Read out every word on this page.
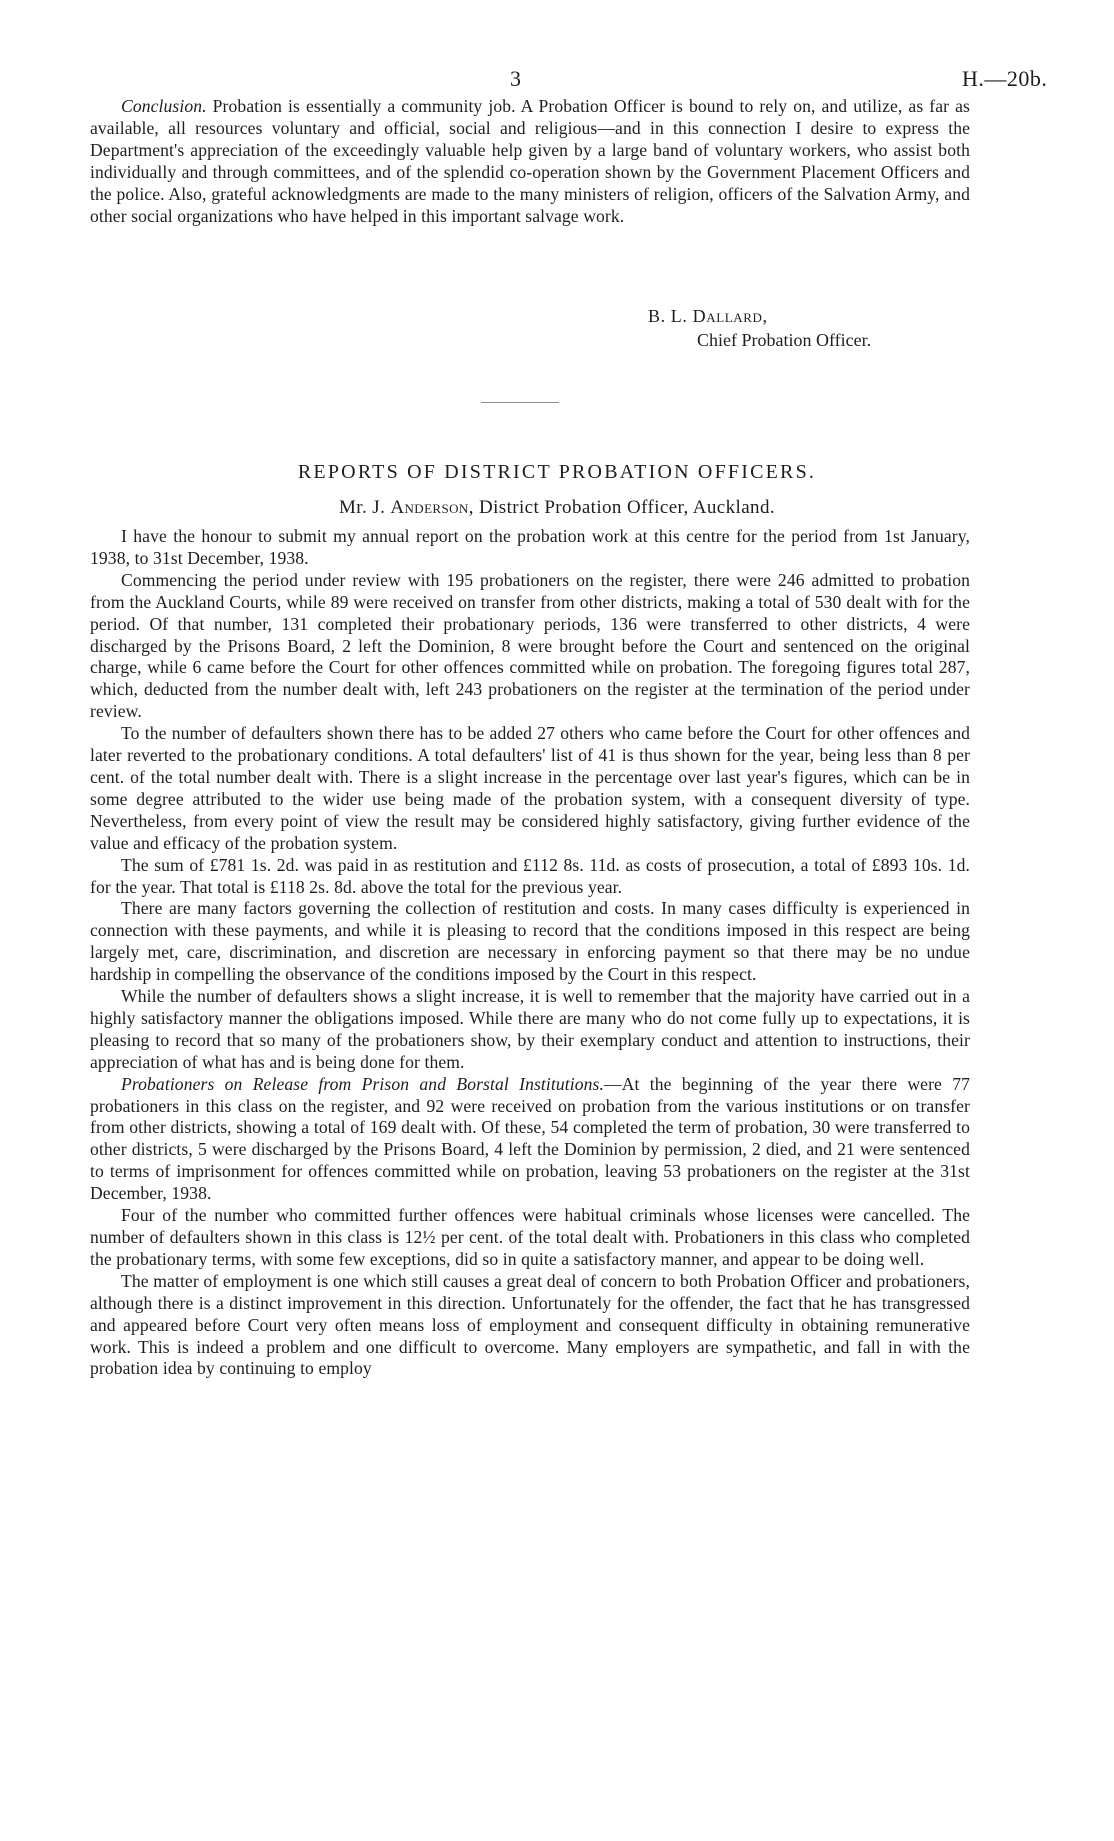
3	H.—20b.

Conclusion. Probation is essentially a community job. A Probation Officer is bound to rely on, and utilize, as far as available, all resources voluntary and official, social and religious—and in this connection I desire to express the Department's appreciation of the exceedingly valuable help given by a large band of voluntary workers, who assist both individually and through committees, and of the splendid co-operation shown by the Government Placement Officers and the police. Also, grateful acknowledgments are made to the many ministers of religion, officers of the Salvation Army, and other social organizations who have helped in this important salvage work.

B. L. Dallard,
Chief Probation Officer.
REPORTS OF DISTRICT PROBATION OFFICERS.
Mr. J. Anderson, District Probation Officer, Auckland.

I have the honour to submit my annual report on the probation work at this centre for the period from 1st January, 1938, to 31st December, 1938.

Commencing the period under review with 195 probationers on the register, there were 246 admitted to probation from the Auckland Courts, while 89 were received on transfer from other districts, making a total of 530 dealt with for the period. Of that number, 131 completed their probationary periods, 136 were transferred to other districts, 4 were discharged by the Prisons Board, 2 left the Dominion, 8 were brought before the Court and sentenced on the original charge, while 6 came before the Court for other offences committed while on probation. The foregoing figures total 287, which, deducted from the number dealt with, left 243 probationers on the register at the termination of the period under review.

To the number of defaulters shown there has to be added 27 others who came before the Court for other offences and later reverted to the probationary conditions. A total defaulters' list of 41 is thus shown for the year, being less than 8 per cent. of the total number dealt with. There is a slight increase in the percentage over last year's figures, which can be in some degree attributed to the wider use being made of the probation system, with a consequent diversity of type. Nevertheless, from every point of view the result may be considered highly satisfactory, giving further evidence of the value and efficacy of the probation system.

The sum of £781 1s. 2d. was paid in as restitution and £112 8s. 11d. as costs of prosecution, a total of £893 10s. 1d. for the year. That total is £118 2s. 8d. above the total for the previous year.

There are many factors governing the collection of restitution and costs. In many cases difficulty is experienced in connection with these payments, and while it is pleasing to record that the conditions imposed in this respect are being largely met, care, discrimination, and discretion are necessary in enforcing payment so that there may be no undue hardship in compelling the observance of the conditions imposed by the Court in this respect.

While the number of defaulters shows a slight increase, it is well to remember that the majority have carried out in a highly satisfactory manner the obligations imposed. While there are many who do not come fully up to expectations, it is pleasing to record that so many of the probationers show, by their exemplary conduct and attention to instructions, their appreciation of what has and is being done for them.

Probationers on Release from Prison and Borstal Institutions.—At the beginning of the year there were 77 probationers in this class on the register, and 92 were received on probation from the various institutions or on transfer from other districts, showing a total of 169 dealt with. Of these, 54 completed the term of probation, 30 were transferred to other districts, 5 were discharged by the Prisons Board, 4 left the Dominion by permission, 2 died, and 21 were sentenced to terms of imprisonment for offences committed while on probation, leaving 53 probationers on the register at the 31st December, 1938.

Four of the number who committed further offences were habitual criminals whose licenses were cancelled. The number of defaulters shown in this class is 12½ per cent. of the total dealt with. Probationers in this class who completed the probationary terms, with some few exceptions, did so in quite a satisfactory manner, and appear to be doing well.

The matter of employment is one which still causes a great deal of concern to both Probation Officer and probationers, although there is a distinct improvement in this direction. Unfortunately for the offender, the fact that he has transgressed and appeared before Court very often means loss of employment and consequent difficulty in obtaining remunerative work. This is indeed a problem and one difficult to overcome. Many employers are sympathetic, and fall in with the probation idea by continuing to employ
